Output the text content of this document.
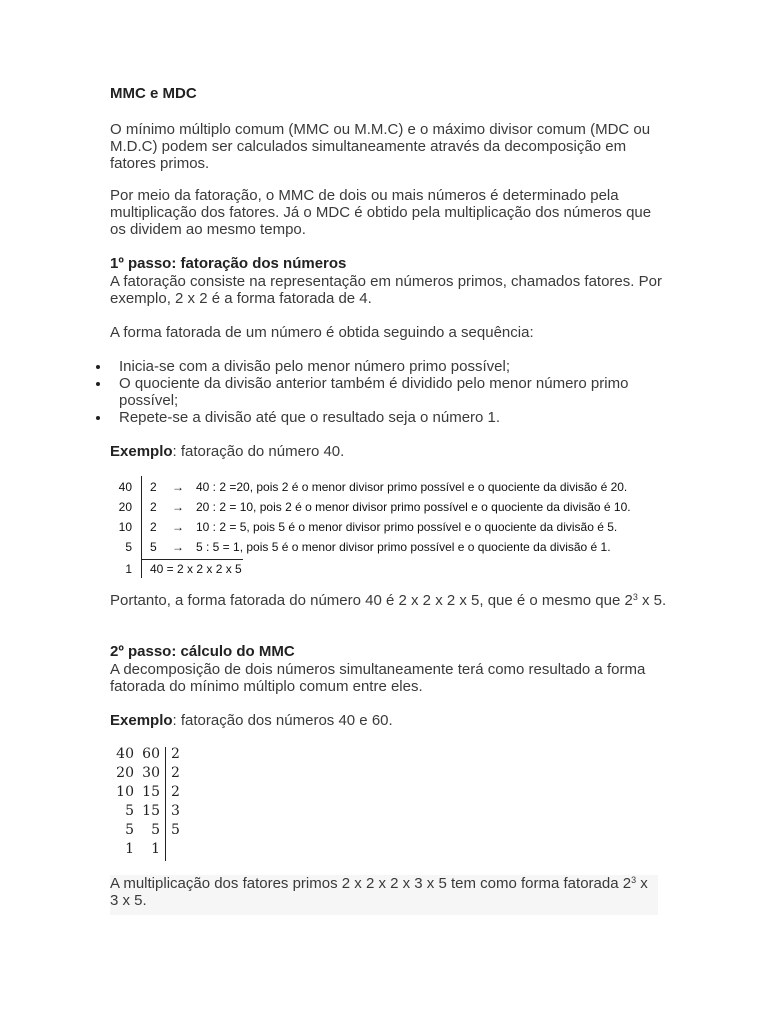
MMC e MDC

O mínimo múltiplo comum (MMC ou M.M.C) e o máximo divisor comum (MDC ou M.D.C) podem ser calculados simultaneamente através da decomposição em fatores primos.

Por meio da fatoração, o MMC de dois ou mais números é determinado pela multiplicação dos fatores. Já o MDC é obtido pela multiplicação dos números que os dividem ao mesmo tempo.

1º passo: fatoração dos números

A fatoração consiste na representação em números primos, chamados fatores. Por exemplo, 2 x 2 é a forma fatorada de 4.

A forma fatorada de um número é obtida seguindo a sequência:

Inicia-se com a divisão pelo menor número primo possível;
O quociente da divisão anterior também é dividido pelo menor número primo possível;
Repete-se a divisão até que o resultado seja o número 1.

Exemplo: fatoração do número 40.

40 2 → 40 : 2 =20, pois 2 é o menor divisor primo possível e o quociente da divisão é 20.
20 2 → 20 : 2 = 10, pois 2 é o menor divisor primo possível e o quociente da divisão é 10.
10 2 → 10 : 2 = 5, pois 5 é o menor divisor primo possível e o quociente da divisão é 5.
5 5 → 5 : 5 = 1, pois 5 é o menor divisor primo possível e o quociente da divisão é 1.
1 40 = 2 x 2 x 2 x 5

Portanto, a forma fatorada do número 40 é 2 x 2 x 2 x 5, que é o mesmo que $2^3$ x 5.

2º passo: cálculo do MMC

A decomposição de dois números simultaneamente terá como resultado a forma fatorada do mínimo múltiplo comum entre eles.

Exemplo: fatoração dos números 40 e 60.

40 60 2
20 30 2
10 15 2
5 15 3
5	5 5
1	1

A multiplicação dos fatores primos 2 x 2 x 2 x 3 x 5 tem como forma fatorada $2^3$ x 3 x 5.
